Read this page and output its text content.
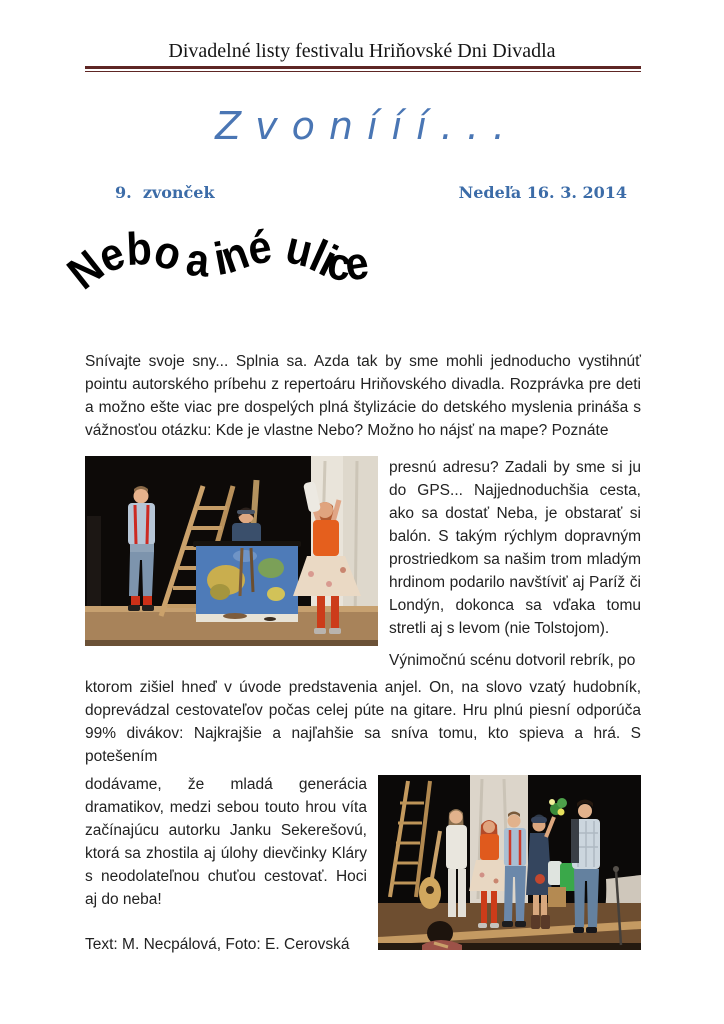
Divadelné listy festivalu Hriňovské Dni Divadla
Zvonííí...
9.  zvonček	Nedeľa 16. 3. 2014
Nebo a iné ulice

Snívajte svoje sny... Splnia sa. Azda tak by sme mohli jednoducho vystihnúť pointu autorského príbehu z repertoáru Hriňovského divadla. Rozprávka pre deti a možno ešte viac pre dospelých plná štylizácie do detského myslenia prináša s vážnosťou otázku: Kde je vlastne Nebo? Možno ho nájsť na mape? Poznáte

presnú adresu? Zadali by sme si ju do GPS... Najjednoduchšia cesta, ako sa dostať Neba, je obstarať si balón. S takým rýchlym dopravným prostriedkom sa našim trom mladým hrdinom podarilo navštíviť aj Paríž či Londýn, dokonca sa vďaka tomu stretli aj s levom (nie Tolstojom).

Výnimočnú scénu dotvoril rebrík, po

ktorom zišiel hneď v úvode predstavenia anjel. On, na slovo vzatý hudobník, doprevádzal cestovateľov počas celej púte na gitare. Hru plnú piesní odporúča 99% divákov: Najkrajšie a najľahšie sa sníva tomu, kto spieva a hrá. S potešením

dodávame, že mladá generácia dramatikov, medzi sebou touto hrou víta začínajúcu autorku Janku Sekerešovú, ktorá sa zhostila aj úlohy dievčinky Kláry s neodolateľnou chuťou cestovať. Hoci aj do neba!

Text: M. Necpálová, Foto: E. Cerovská
